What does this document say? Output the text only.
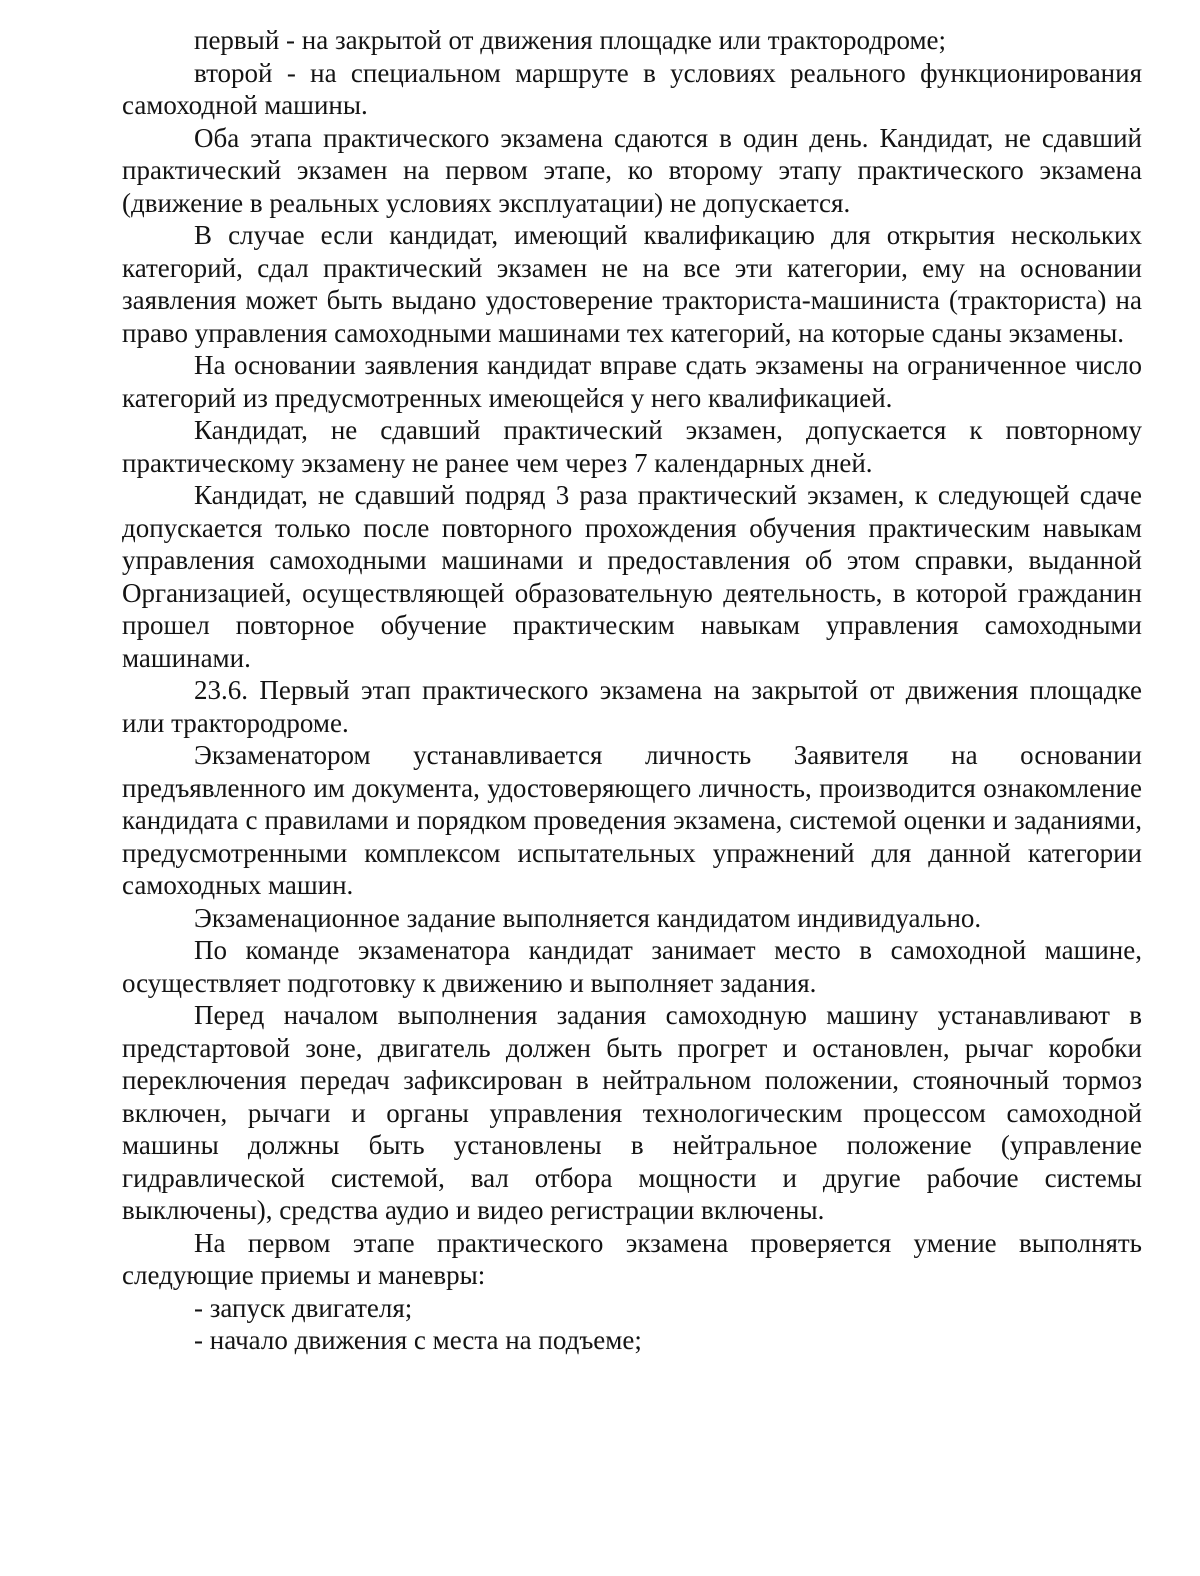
первый - на закрытой от движения площадке или трактородроме;

второй - на специальном маршруте в условиях реального функционирования самоходной машины.

Оба этапа практического экзамена сдаются в один день. Кандидат, не сдавший практический экзамен на первом этапе, ко второму этапу практического экзамена (движение в реальных условиях эксплуатации) не допускается.

В случае если кандидат, имеющий квалификацию для открытия нескольких категорий, сдал практический экзамен не на все эти категории, ему на основании заявления может быть выдано удостоверение тракториста-машиниста (тракториста) на право управления самоходными машинами тех категорий, на которые сданы экзамены.

На основании заявления кандидат вправе сдать экзамены на ограниченное число категорий из предусмотренных имеющейся у него квалификацией.

Кандидат, не сдавший практический экзамен, допускается к повторному практическому экзамену не ранее чем через 7 календарных дней.

Кандидат, не сдавший подряд 3 раза практический экзамен, к следующей сдаче допускается только после повторного прохождения обучения практическим навыкам управления самоходными машинами и предоставления об этом справки, выданной Организацией, осуществляющей образовательную деятельность, в которой гражданин прошел повторное обучение практическим навыкам управления самоходными машинами.

23.6. Первый этап практического экзамена на закрытой от движения площадке или трактородроме.

Экзаменатором устанавливается личность Заявителя на основании предъявленного им документа, удостоверяющего личность, производится ознакомление кандидата с правилами и порядком проведения экзамена, системой оценки и заданиями, предусмотренными комплексом испытательных упражнений для данной категории самоходных машин.

Экзаменационное задание выполняется кандидатом индивидуально.

По команде экзаменатора кандидат занимает место в самоходной машине, осуществляет подготовку к движению и выполняет задания.

Перед началом выполнения задания самоходную машину устанавливают в предстартовой зоне, двигатель должен быть прогрет и остановлен, рычаг коробки переключения передач зафиксирован в нейтральном положении, стояночный тормоз включен, рычаги и органы управления технологическим процессом самоходной машины должны быть установлены в нейтральное положение (управление гидравлической системой, вал отбора мощности и другие рабочие системы выключены), средства аудио и видео регистрации включены.

На первом этапе практического экзамена проверяется умение выполнять следующие приемы и маневры:

- запуск двигателя;

- начало движения с места на подъеме;
